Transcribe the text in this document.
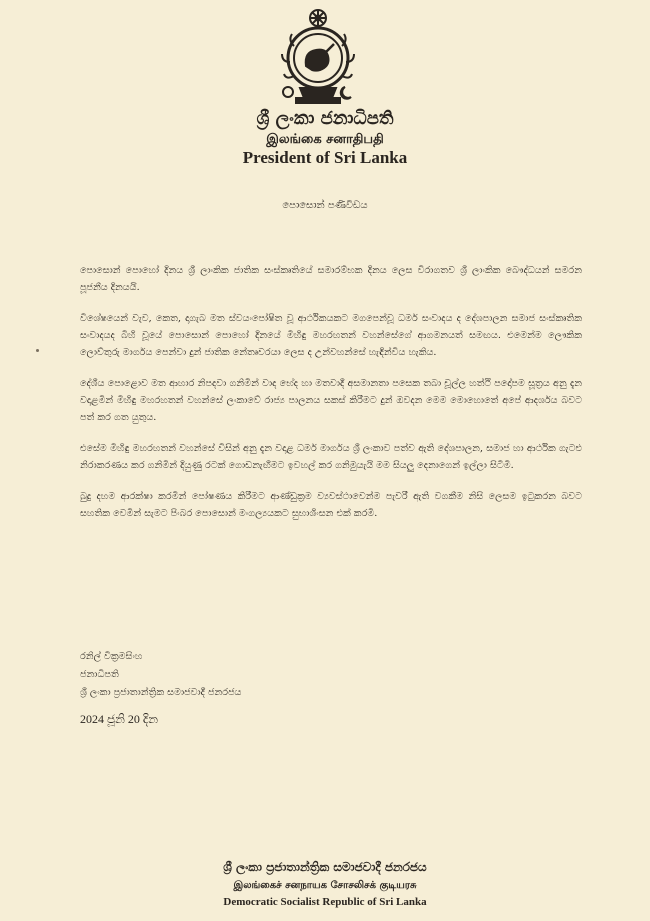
ශ්‍රී ලංකා ජනාධිපති
இலங்கை சனாதிபதி
President of Sri Lanka
පොසොන් පණිවිඩය

පොසොන් පොහෝ දිනය ශ්‍රී ලාංකික ජාතික සංස්කෘතියේ සමාරම්භක දිනය ලෙස විරාගතව ශ්‍රී ලාංකික බෞද්ධයන් සමරන පූජනීය දිනයයි.

විශේෂයෙන් වැව, කෙත, දාගැබ මත ස්වයංපෝෂිත වූ ආර්ථිකයකට මගපෙන්වූ ධර්ම සංවාදය ද දේශපාලන සමාජ සංස්කෘතික සංවාදයද බිහි වූයේ පොසොන් පොහෝ දිනයේ මිහිඳු මහරහතන් වහන්සේගේ ආගමනයත් සමඟය. එමෙන්ම ලෞකික ලොව්තුරු මාර්ගය පෙන්වා දුන් ජාතික නේතෘවරයා ලෙස ද උන්වහන්සේ හැඳින්විය හැකිය.

දේශීය පොළොව මත ආහාර නිපදවා ගනිමින් වාද භේද හා මතවාදී අසමානතා පසෙක තබා චූල්ල හත්ථි පදෝපම සූත්‍රය අනු දැන වදාළමින් මිහිඳු මහරහතන් වහන්සේ ලංකාවේ රාජ්‍ය පාලනය සකස් කිරීමට දුන් ඔවදන මෙම මොහොතේ අපේ ආදර්ශය බවට පත් කර ගත යුතුය.

එසේම මිහිඳු මහරහතන් වහන්සේ විසින් අනු දැන වදාළ ධර්ම මාර්ගය ශ්‍රී ලංකාව පත්ව ඇති දේශපාලන, සමාජ හා ආර්ථික ගැටළු නිරාකරණය කර ගනිමින් දියුණු රටක් ගොඩනැඟීමට ඉවහල් කර ගනිමුයැයි මම සියලු දෙනාගෙන් ඉල්ලා සිටිමි.

බුදු දහම ආරක්ෂා කරමින් පෝෂණය කිරීමට ආණ්ඩුක්‍රම ව්‍යවස්ථාවෙන්ම පැවරී ඇති වගකීම නිසි ලෙසම ඉටුකරන බවට සහතික වෙමින් සැමට පිංබර පොසොන් මංගල්‍යයකට සුභාශිංසන එක් කරමි.

රනිල් වික්‍රමසිංහ
ජනාධිපති
ශ්‍රී ලංකා ප්‍රජාතාන්ත්‍රික සමාජවාදී ජනරජය
2024 ජූනි 20 දින
ශ්‍රී ලංකා ප්‍රජාතාන්ත්‍රික සමාජවාදී ජනරජය
இலங்கைச் சனநாயக சோசலிசக் குடியரசு
Democratic Socialist Republic of Sri Lanka
